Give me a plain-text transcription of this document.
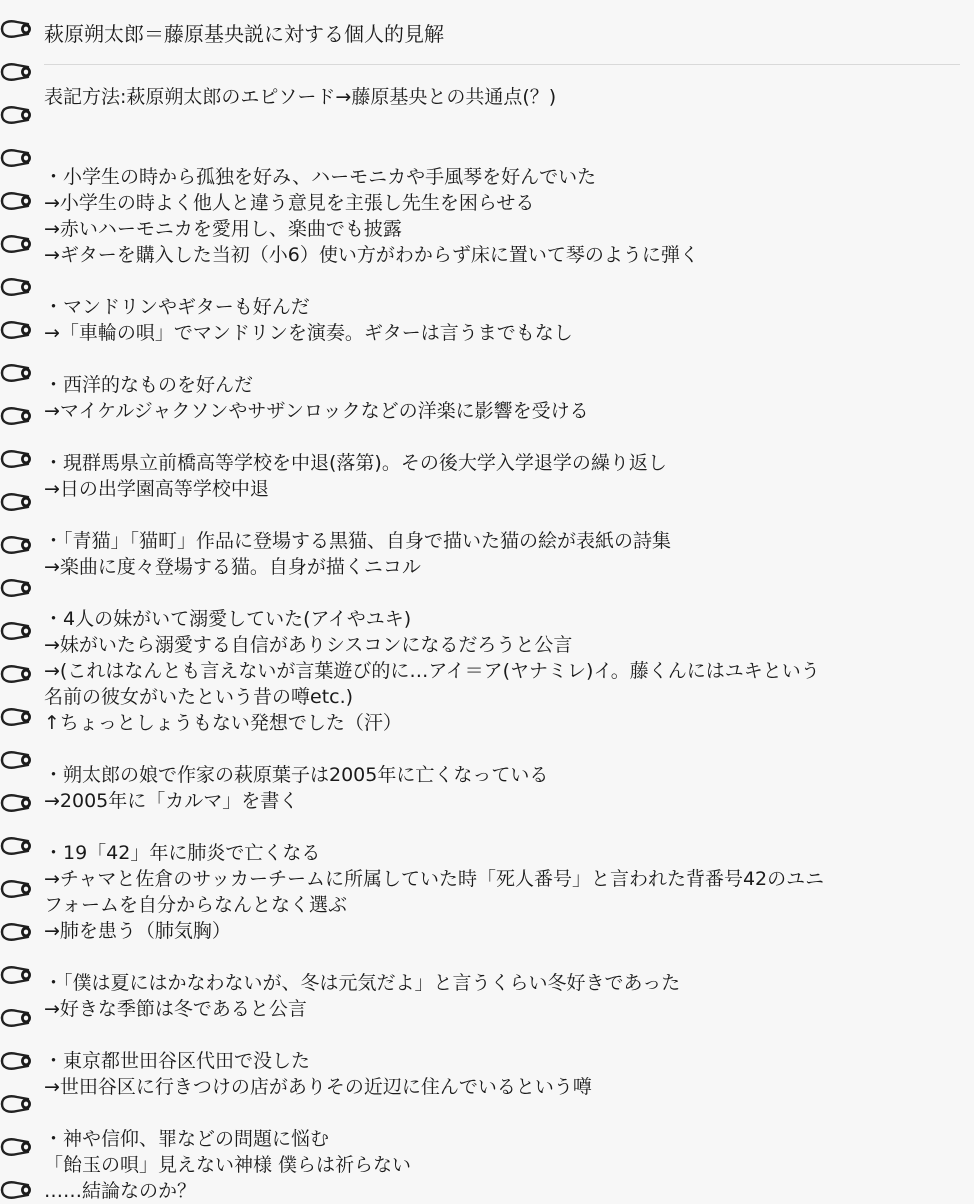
萩原朔太郎＝藤原基央説に対する個人的見解
表記方法:萩原朔太郎のエピソード→藤原基央との共通点(？)
・小学生の時から孤独を好み、ハーモニカや手風琴を好んでいた
→小学生の時よく他人と違う意見を主張し先生を困らせる
→赤いハーモニカを愛用し、楽曲でも披露
→ギターを購入した当初（小6）使い方がわからず床に置いて琴のように弾く
・マンドリンやギターも好んだ
→「車輪の唄」でマンドリンを演奏。ギターは言うまでもなし
・西洋的なものを好んだ
→マイケルジャクソンやサザンロックなどの洋楽に影響を受ける
・現群馬県立前橋高等学校を中退(落第)。その後大学入学退学の繰り返し
→日の出学園高等学校中退
・「青猫」「猫町」作品に登場する黒猫、自身で描いた猫の絵が表紙の詩集
→楽曲に度々登場する猫。自身が描くニコル
・4人の妹がいて溺愛していた(アイやユキ)
→妹がいたら溺愛する自信がありシスコンになるだろうと公言
→(これはなんとも言えないが言葉遊び的に…アイ＝ア(ヤナミレ)イ。藤くんにはユキという
名前の彼女がいたという昔の噂etc.)
↑ちょっとしょうもない発想でした（汗）
・朔太郎の娘で作家の萩原葉子は2005年に亡くなっている
→2005年に「カルマ」を書く
・19「42」年に肺炎で亡くなる
→チャマと佐倉のサッカーチームに所属していた時「死人番号」と言われた背番号42のユニ
フォームを自分からなんとなく選ぶ
→肺を患う（肺気胸）
・「僕は夏にはかなわないが、冬は元気だよ」と言うくらい冬好きであった
→好きな季節は冬であると公言
・東京都世田谷区代田で没した
→世田谷区に行きつけの店がありその近辺に住んでいるという噂
・神や信仰、罪などの問題に悩む
「飴玉の唄」見えない神様 僕らは祈らない
……結論なのか？
